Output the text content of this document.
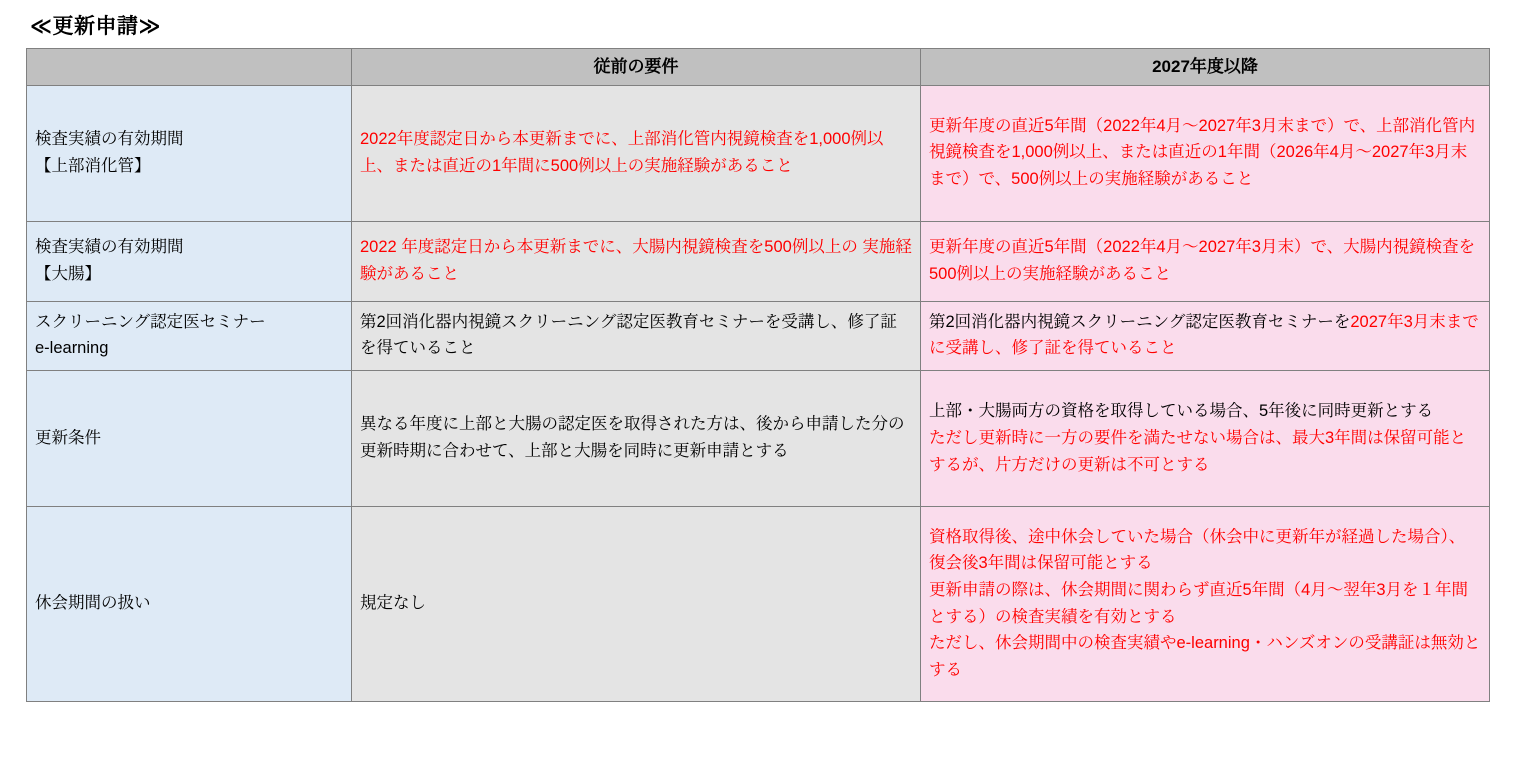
≪更新申請≫
	従前の要件	2027年度以降

検査実績の有効期間
【上部消化管】	2022年度認定日から本更新までに、上部消化管内視鏡検査を1,000例以上、または直近の1年間に500例以上の実施経験があること	更新年度の直近5年間（2022年4月〜2027年3月末まで）で、上部消化管内視鏡検査を1,000例以上、または直近の1年間（2026年4月〜2027年3月末まで）で、500例以上の実施経験があること

検査実績の有効期間
【大腸】	2022 年度認定日から本更新までに、大腸内視鏡検査を500例以上の 実施経験があること	更新年度の直近5年間（2022年4月〜2027年3月末）で、大腸内視鏡検査を500例以上の実施経験があること

スクリーニング認定医セミナー
e-learning	第2回消化器内視鏡スクリーニング認定医教育セミナーを受講し、修了証を得ていること	第2回消化器内視鏡スクリーニング認定医教育セミナーを2027年3月末までに受講し、修了証を得ていること

更新条件	異なる年度に上部と大腸の認定医を取得された方は、後から申請した分の更新時期に合わせて、上部と大腸を同時に更新申請とする	上部・大腸両方の資格を取得している場合、5年後に同時更新とする
ただし更新時に一方の要件を満たせない場合は、最大3年間は保留可能とするが、片方だけの更新は不可とする

休会期間の扱い	規定なし	資格取得後、途中休会していた場合（休会中に更新年が経過した場合）、復会後3年間は保留可能とする
更新申請の際は、休会期間に関わらず直近5年間（4月〜翌年3月を１年間とする）の検査実績を有効とする
ただし、休会期間中の検査実績やe-learning・ハンズオンの受講証は無効とする
